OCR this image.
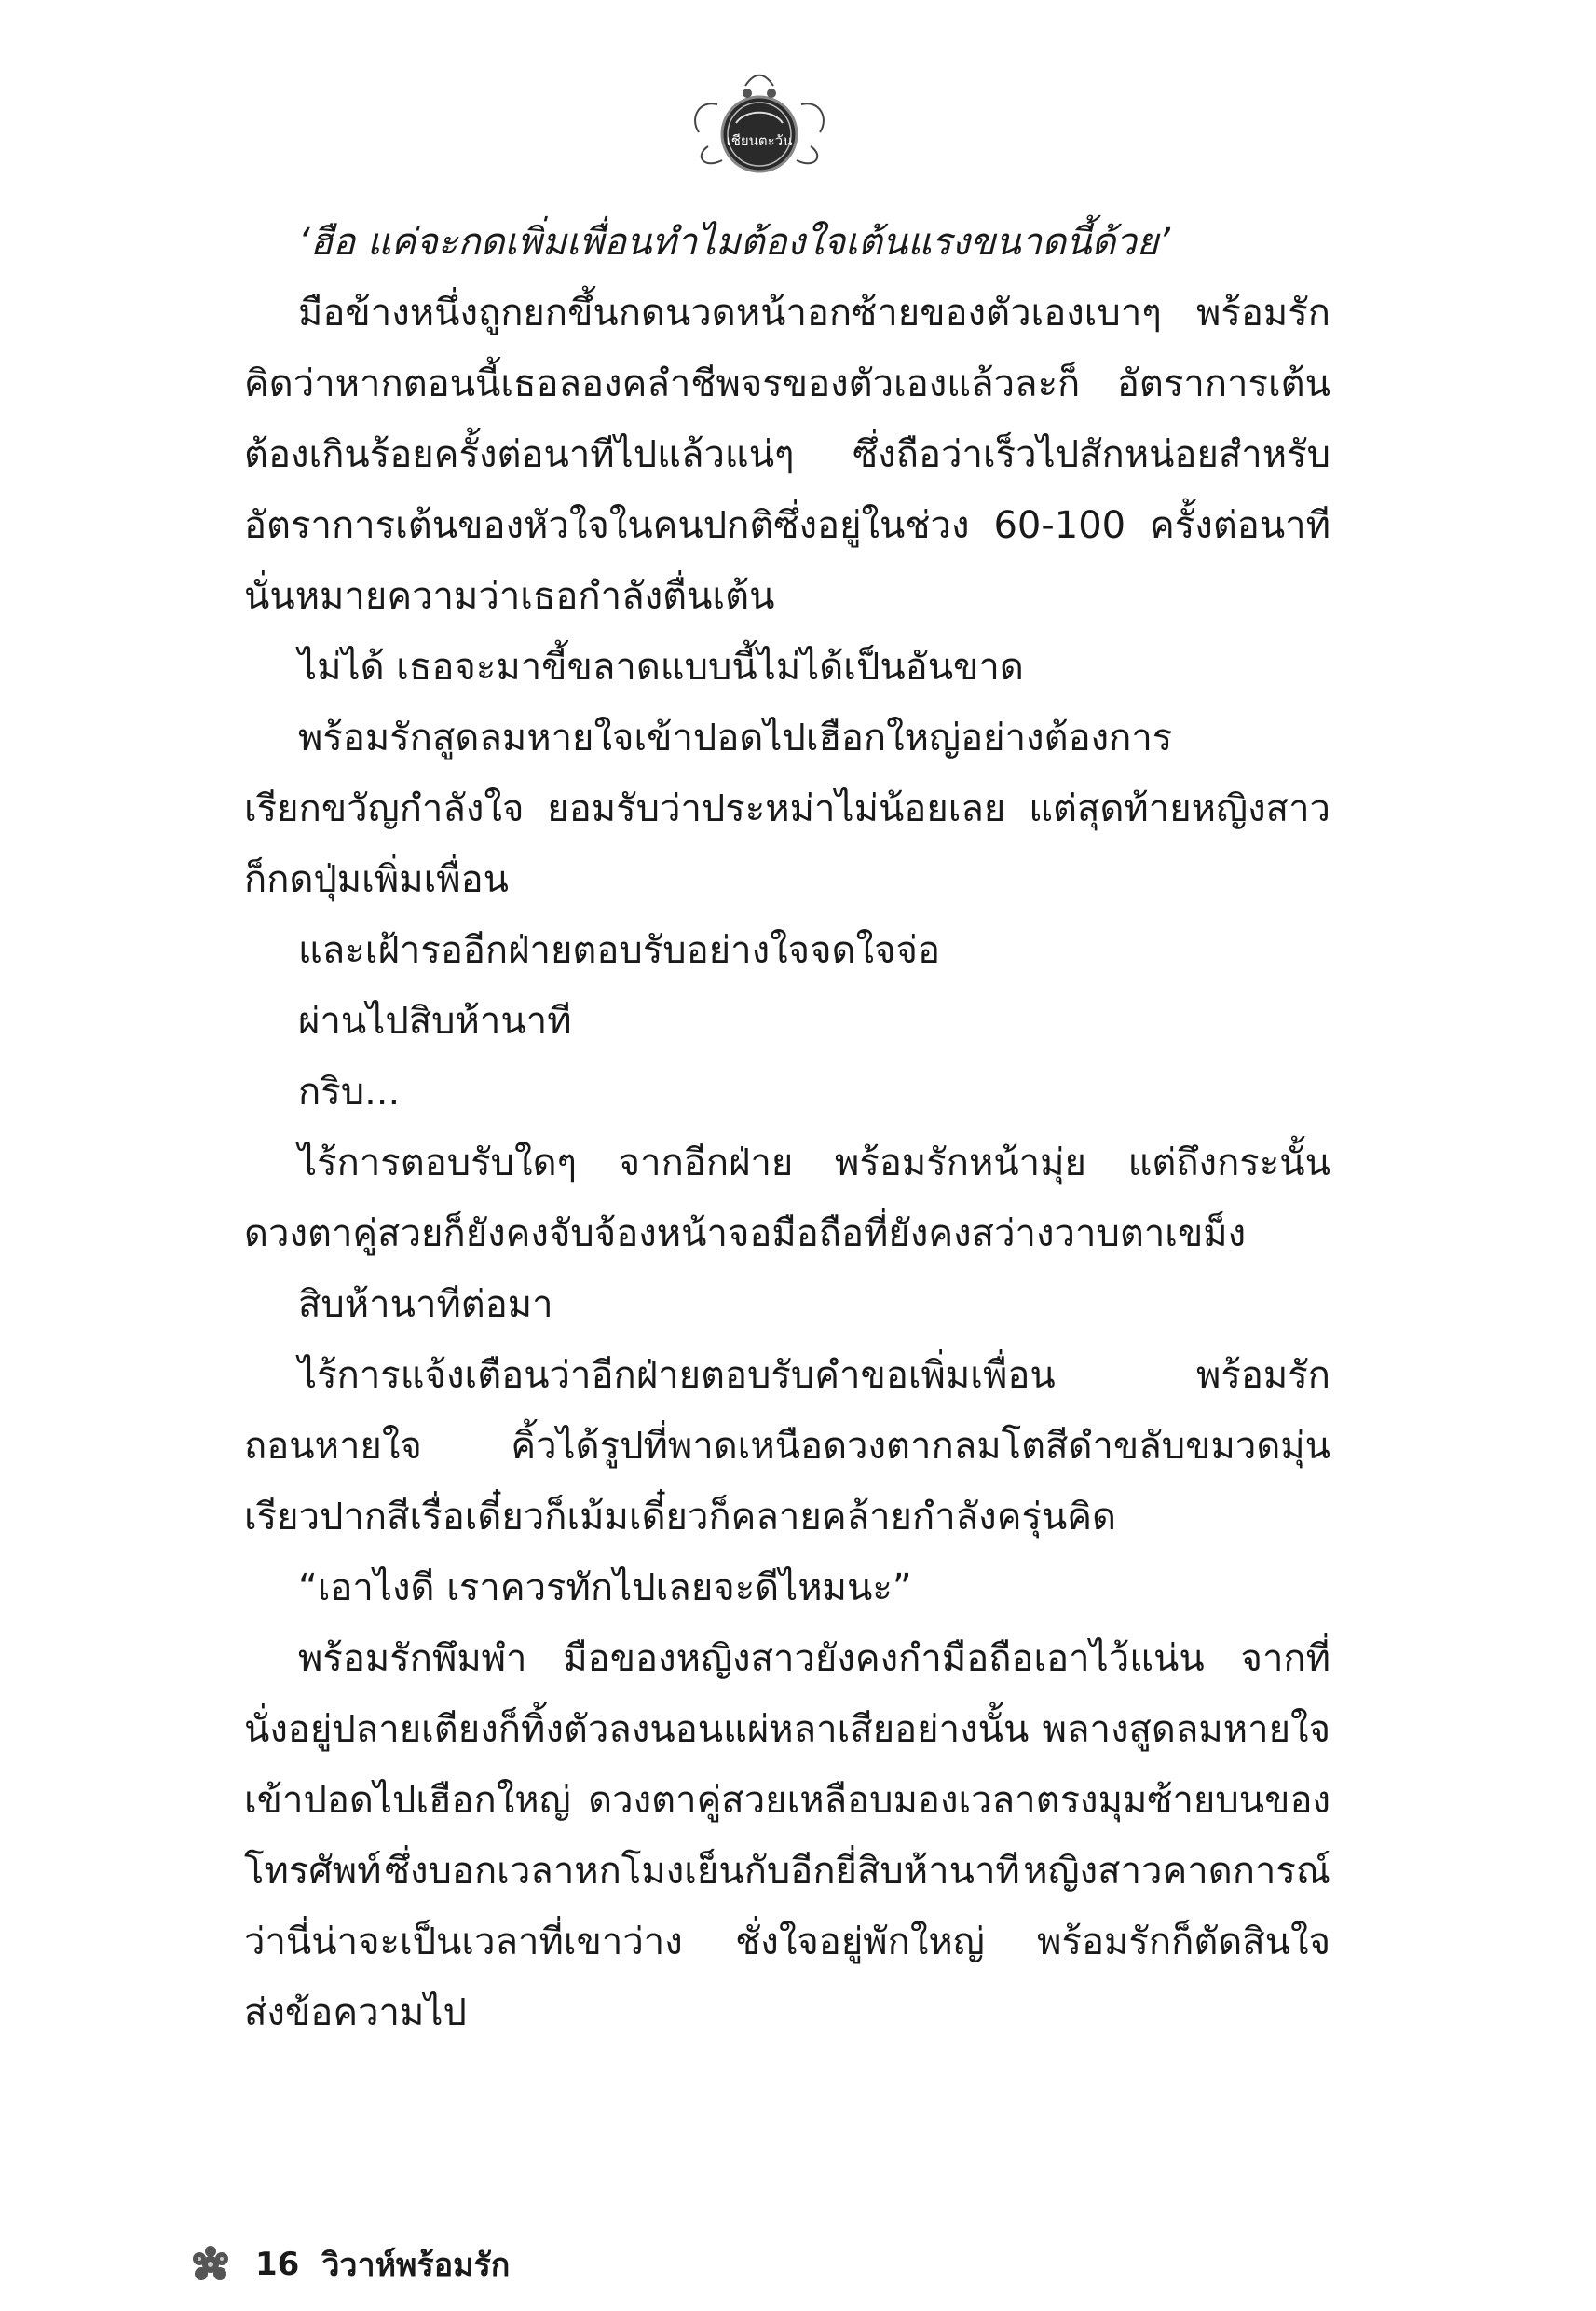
เชียนตะวัน
‘ฮือ แค่จะกดเพิ่มเพื่อนทำไมต้องใจเต้นแรงขนาดนี้ด้วย’
มือข้างหนึ่งถูกยกขึ้นกดนวดหน้าอกซ้ายของตัวเองเบาๆ พร้อมรัก
คิดว่าหากตอนนี้เธอลองคลำชีพจรของตัวเองแล้วละก็ อัตราการเต้น
ต้องเกินร้อยครั้งต่อนาทีไปแล้วแน่ๆ ซึ่งถือว่าเร็วไปสักหน่อยสำหรับ
อัตราการเต้นของหัวใจในคนปกติซึ่งอยู่ในช่วง 60-100 ครั้งต่อนาที
นั่นหมายความว่าเธอกำลังตื่นเต้น
ไม่ได้ เธอจะมาขี้ขลาดแบบนี้ไม่ได้เป็นอันขาด
พร้อมรักสูดลมหายใจเข้าปอดไปเฮือกใหญ่อย่างต้องการ
เรียกขวัญกำลังใจ ยอมรับว่าประหม่าไม่น้อยเลย แต่สุดท้ายหญิงสาว
ก็กดปุ่มเพิ่มเพื่อน
และเฝ้ารออีกฝ่ายตอบรับอย่างใจจดใจจ่อ
ผ่านไปสิบห้านาที
กริบ...
ไร้การตอบรับใดๆ จากอีกฝ่าย พร้อมรักหน้ามุ่ย แต่ถึงกระนั้น
ดวงตาคู่สวยก็ยังคงจับจ้องหน้าจอมือถือที่ยังคงสว่างวาบตาเขม็ง
สิบห้านาทีต่อมา
ไร้การแจ้งเตือนว่าอีกฝ่ายตอบรับคำขอเพิ่มเพื่อน	พร้อมรัก
ถอนหายใจ คิ้วได้รูปที่พาดเหนือดวงตากลมโตสีดำขลับขมวดมุ่น
เรียวปากสีเรื่อเดี๋ยวก็เม้มเดี๋ยวก็คลายคล้ายกำลังครุ่นคิด
“เอาไงดี เราควรทักไปเลยจะดีไหมนะ”
พร้อมรักพึมพำ มือของหญิงสาวยังคงกำมือถือเอาไว้แน่น จากที่
นั่งอยู่ปลายเตียงก็ทิ้งตัวลงนอนแผ่หลาเสียอย่างนั้น พลางสูดลมหายใจ
เข้าปอดไปเฮือกใหญ่ ดวงตาคู่สวยเหลือบมองเวลาตรงมุมซ้ายบนของ
โทรศัพท์ ซึ่งบอกเวลาหกโมงเย็นกับอีกยี่สิบห้านาที หญิงสาวคาดการณ์
ว่านี่น่าจะเป็นเวลาที่เขาว่าง ชั่งใจอยู่พักใหญ่ พร้อมรักก็ตัดสินใจ
ส่งข้อความไป
16 วิวาห์พร้อมรัก
